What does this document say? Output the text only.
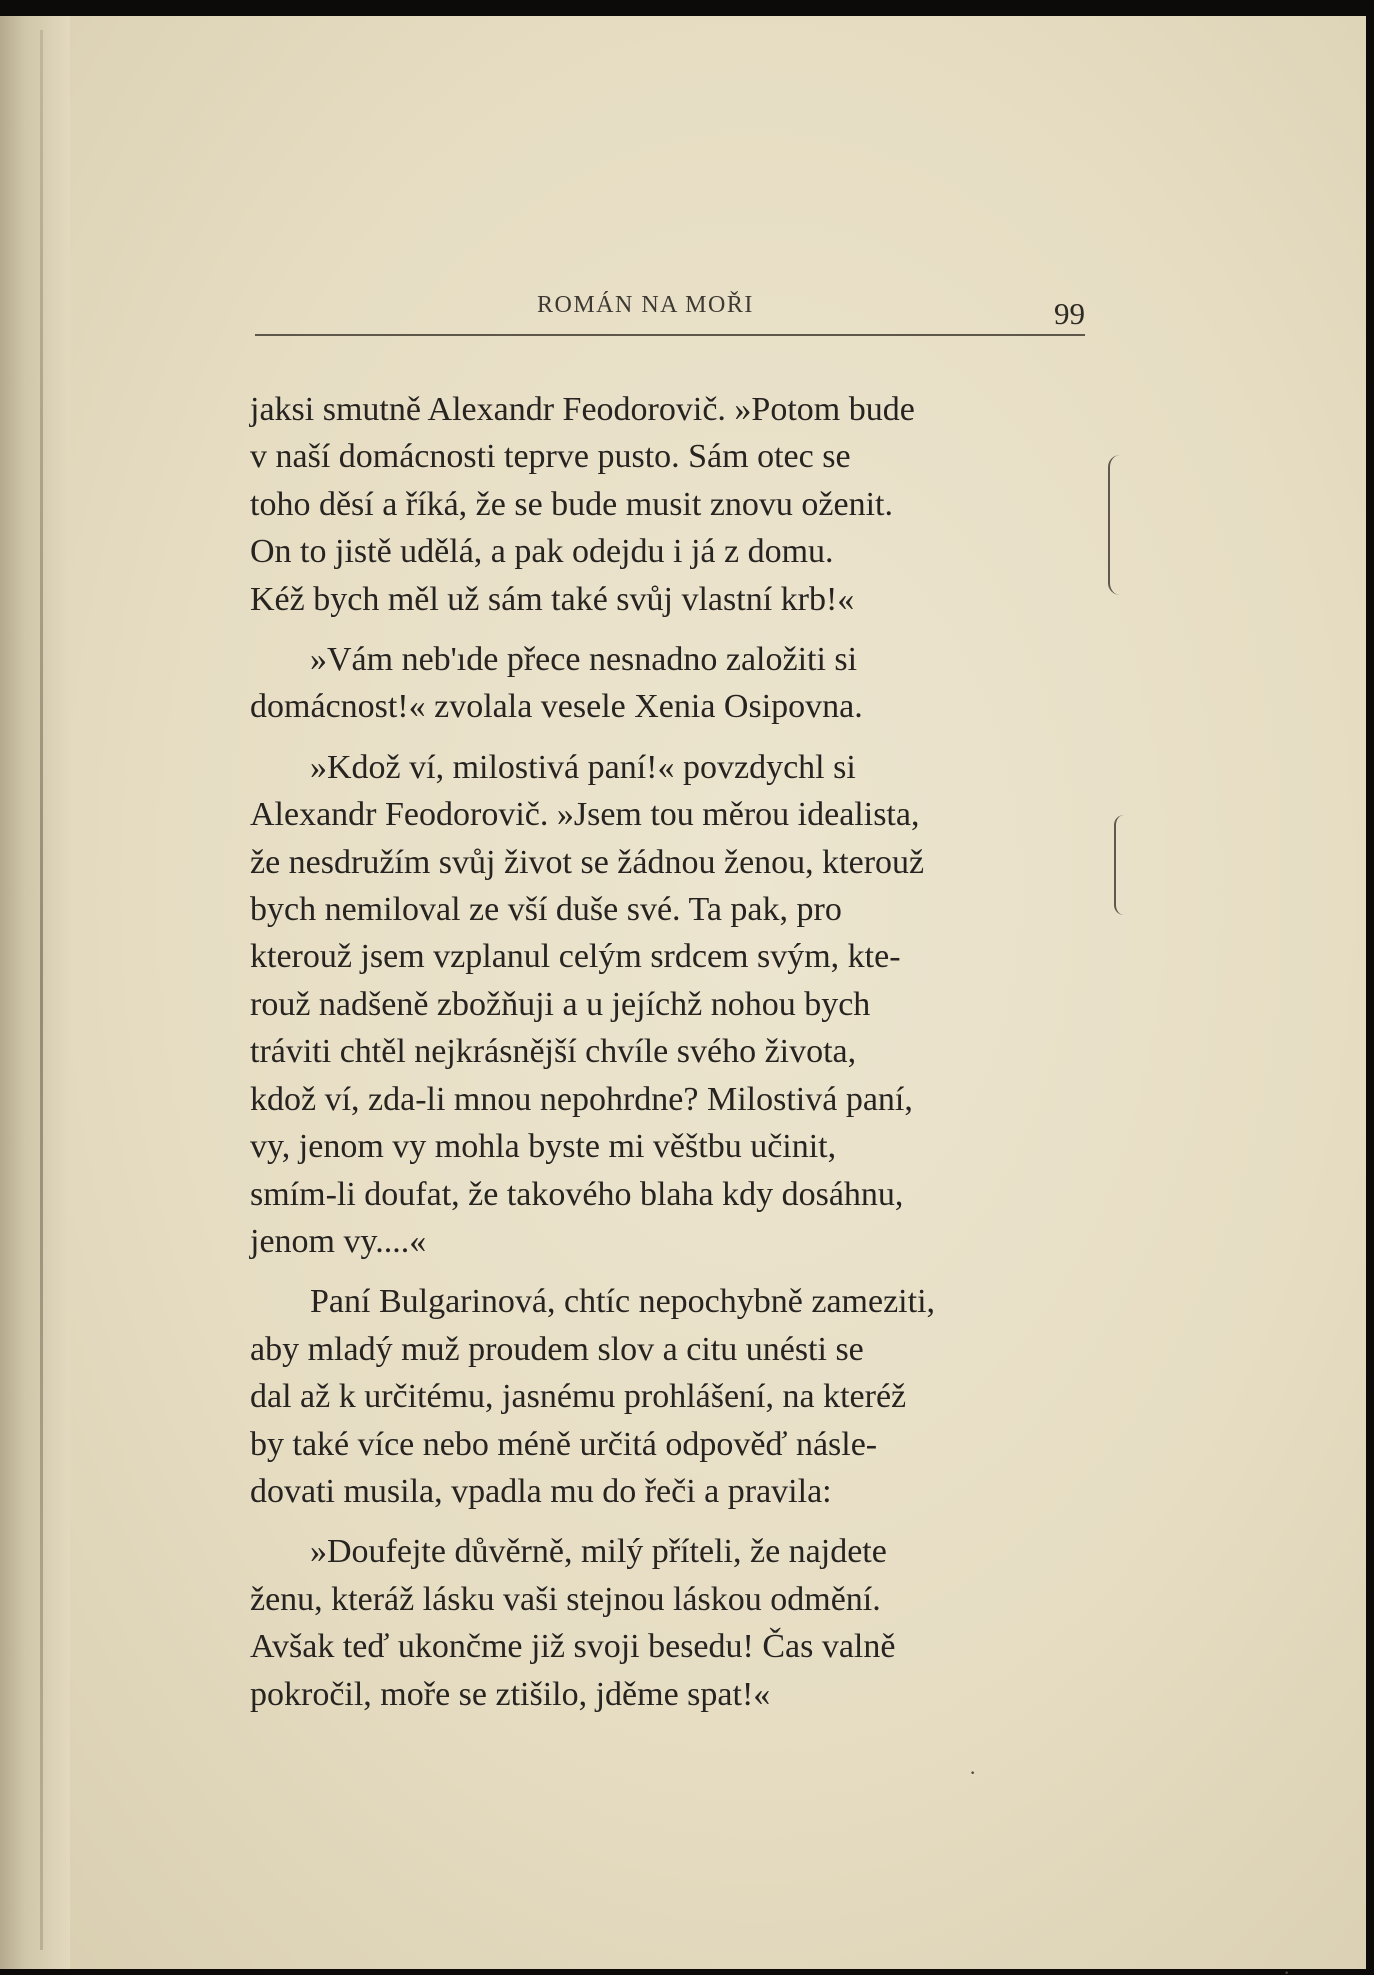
ROMÁN NA MOŘI	99

jaksi smutně Alexandr Feodorovič. »Potom bude
v naší domácnosti teprve pusto. Sám otec se
toho děsí a říká, že se bude musit znovu oženit.
On to jistě udělá, a pak odejdu i já z domu.
Kéž bych měl už sám také svůj vlastní krb!«

»Vám neb'ıde přece nesnadno založiti si
domácnost!« zvolala vesele Xenia Osipovna.

»Kdož ví, milostivá paní!« povzdychl si
Alexandr Feodorovič. »Jsem tou měrou idealista,
že nesdružím svůj život se žádnou ženou, kterouž
bych nemiloval ze vší duše své. Ta pak, pro
kterouž jsem vzplanul celým srdcem svým, kte-
rouž nadšeně zbožňuji a u jejíchž nohou bych
tráviti chtěl nejkrásnější chvíle svého života,
kdož ví, zda-li mnou nepohrdne? Milostivá paní,
vy, jenom vy mohla byste mi věštbu učinit,
smím-li doufat, že takového blaha kdy dosáhnu,
jenom vy....«

Paní Bulgarinová, chtíc nepochybně zameziti,
aby mladý muž proudem slov a citu unésti se
dal až k určitému, jasnému prohlášení, na kteréž
by také více nebo méně určitá odpověď násle-
dovati musila, vpadla mu do řeči a pravila:

»Doufejte důvěrně, milý příteli, že najdete
ženu, kteráž lásku vaši stejnou láskou odmění.
Avšak teď ukončme již svoji besedu! Čas valně
pokročil, moře se ztišilo, jděme spat!«

·
·
